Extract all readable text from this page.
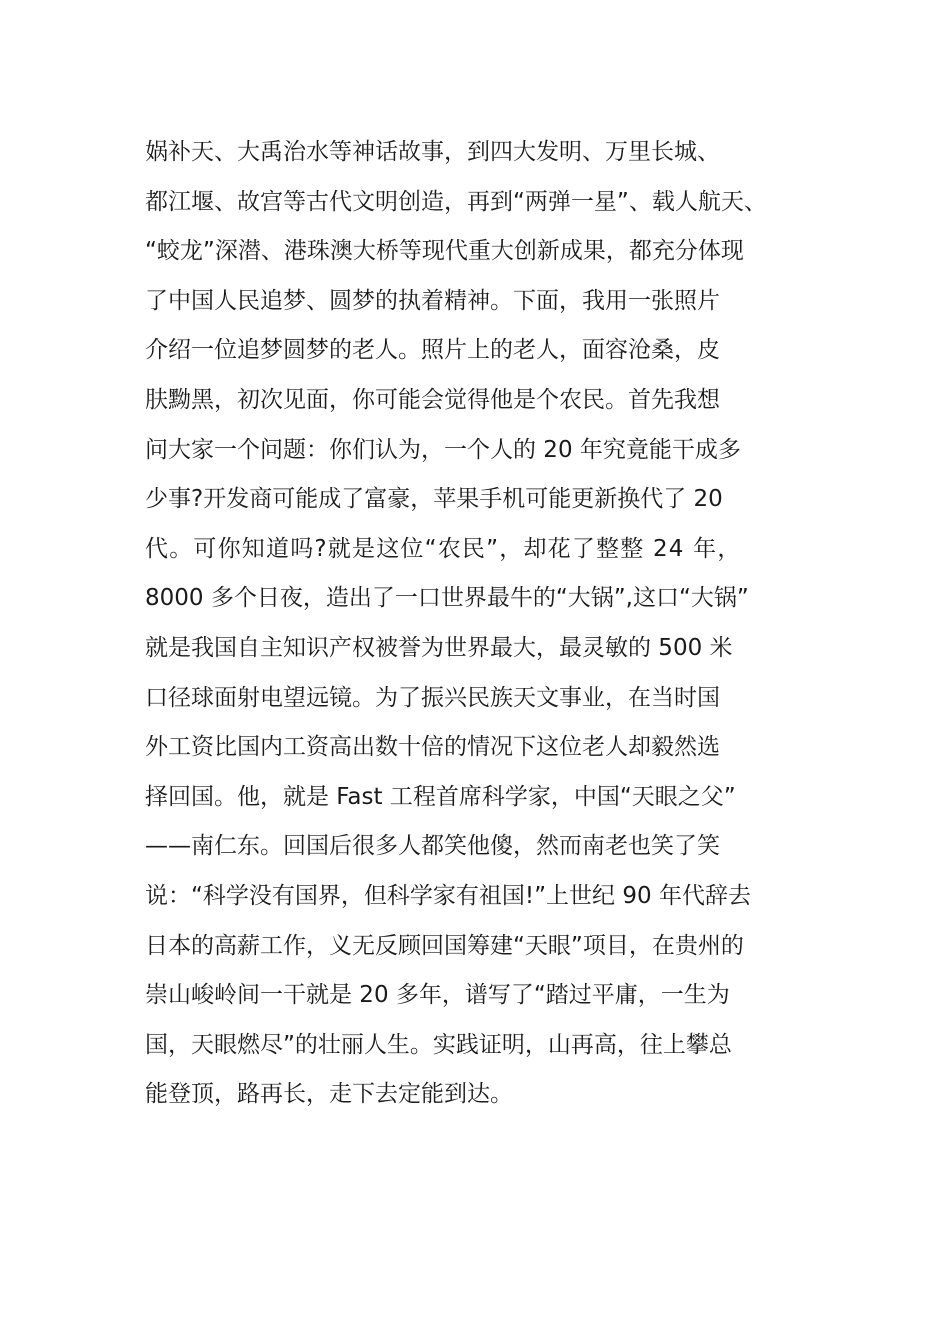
娲补天、大禹治水等神话故事，到四大发明、万里长城、
都江堰、故宫等古代文明创造，再到“两弹一星”、载人航天、
“蛟龙”深潜、港珠澳大桥等现代重大创新成果，都充分体现
了中国人民追梦、圆梦的执着精神。下面，我用一张照片
介绍一位追梦圆梦的老人。照片上的老人，面容沧桑，皮
肤黝黑，初次见面，你可能会觉得他是个农民。首先我想
问大家一个问题：你们认为，一个人的 20 年究竟能干成多
少事?开发商可能成了富豪，苹果手机可能更新换代了 20
代。可你知道吗?就是这位“农民”，却花了整整 24 年，
8000 多个日夜，造出了一口世界最牛的“大锅”,这口“大锅”
就是我国自主知识产权被誉为世界最大，最灵敏的 500 米
口径球面射电望远镜。为了振兴民族天文事业，在当时国
外工资比国内工资高出数十倍的情况下这位老人却毅然选
择回国。他，就是 Fast 工程首席科学家，中国“天眼之父”
——南仁东。回国后很多人都笑他傻，然而南老也笑了笑
说：“科学没有国界，但科学家有祖国!”上世纪 90 年代辞去
日本的高薪工作，义无反顾回国筹建“天眼”项目，在贵州的
崇山峻岭间一干就是 20 多年，谱写了“踏过平庸，一生为
国，天眼燃尽”的壮丽人生。实践证明，山再高，往上攀总
能登顶，路再长，走下去定能到达。
